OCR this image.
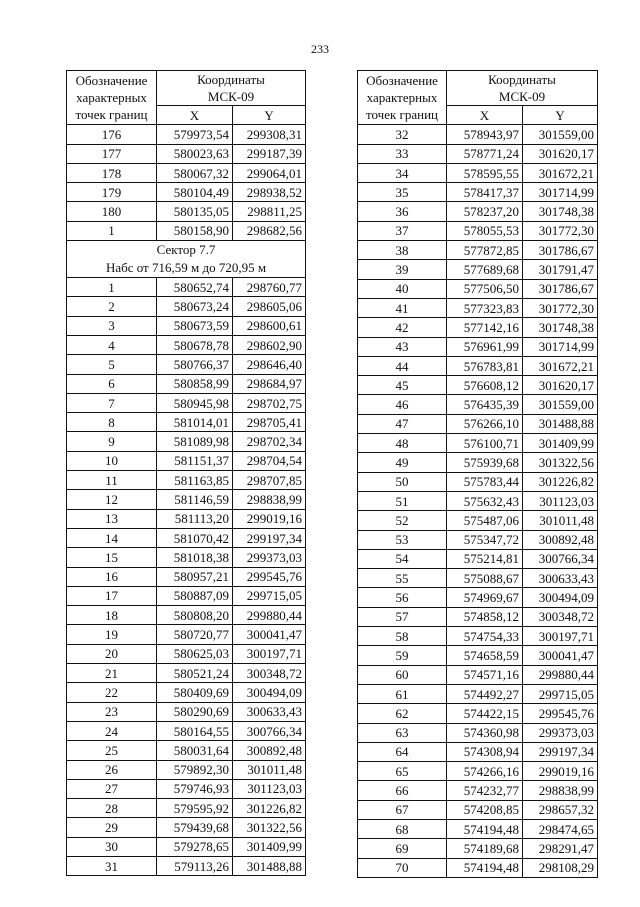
233
Обозначение
характерных
точек границ	Координаты
МСК-09	
	X	Y
176	579973,54	299308,31
177	580023,63	299187,39
178	580067,32	299064,01
179	580104,49	298938,52
180	580135,05	298811,25
1	580158,90	298682,56
Сектор 7.7
Набс от 716,59 м до 720,95 м		
1	580652,74	298760,77
2	580673,24	298605,06
3	580673,59	298600,61
4	580678,78	298602,90
5	580766,37	298646,40
6	580858,99	298684,97
7	580945,98	298702,75
8	581014,01	298705,41
9	581089,98	298702,34
10	581151,37	298704,54
11	581163,85	298707,85
12	581146,59	298838,99
13	581113,20	299019,16
14	581070,42	299197,34
15	581018,38	299373,03
16	580957,21	299545,76
17	580887,09	299715,05
18	580808,20	299880,44
19	580720,77	300041,47
20	580625,03	300197,71
21	580521,24	300348,72
22	580409,69	300494,09
23	580290,69	300633,43
24	580164,55	300766,34
25	580031,64	300892,48
26	579892,30	301011,48
27	579746,93	301123,03
28	579595,92	301226,82
29	579439,68	301322,56
30	579278,65	301409,99
31	579113,26	301488,88
Обозначение
характерных
точек границ	Координаты
МСК-09	
	X	Y
32	578943,97	301559,00
33	578771,24	301620,17
34	578595,55	301672,21
35	578417,37	301714,99
36	578237,20	301748,38
37	578055,53	301772,30
38	577872,85	301786,67
39	577689,68	301791,47
40	577506,50	301786,67
41	577323,83	301772,30
42	577142,16	301748,38
43	576961,99	301714,99
44	576783,81	301672,21
45	576608,12	301620,17
46	576435,39	301559,00
47	576266,10	301488,88
48	576100,71	301409,99
49	575939,68	301322,56
50	575783,44	301226,82
51	575632,43	301123,03
52	575487,06	301011,48
53	575347,72	300892,48
54	575214,81	300766,34
55	575088,67	300633,43
56	574969,67	300494,09
57	574858,12	300348,72
58	574754,33	300197,71
59	574658,59	300041,47
60	574571,16	299880,44
61	574492,27	299715,05
62	574422,15	299545,76
63	574360,98	299373,03
64	574308,94	299197,34
65	574266,16	299019,16
66	574232,77	298838,99
67	574208,85	298657,32
68	574194,48	298474,65
69	574189,68	298291,47
70	574194,48	298108,29
